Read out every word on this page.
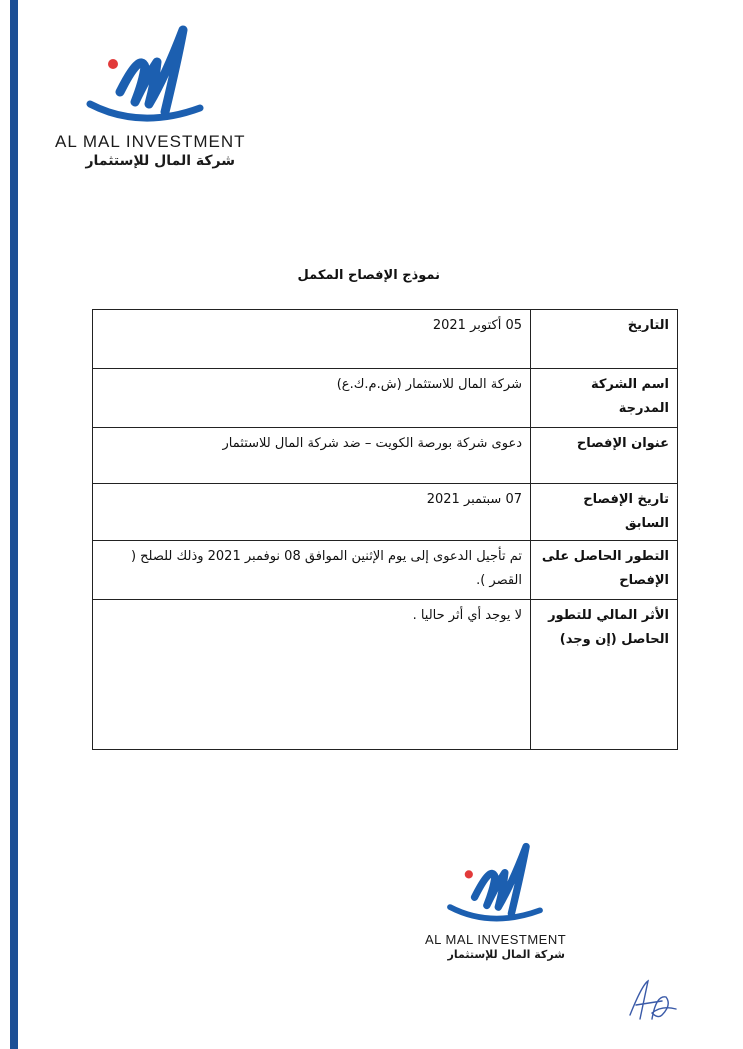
AL MAL INVESTMENT
شركة المال للإستثمار
نموذج الإفصاح المكمل
التاريخ	05 أكتوبر 2021
اسم الشركة المدرجة	شركة المال للاستثمار (ش.م.ك.ع)
عنوان الإفصاح	دعوى شركة بورصة الكويت – ضد شركة المال للاستثمار
تاريخ الإفصاح السابق	07 سبتمبر 2021
التطور الحاصل على الإفصاح	تم تأجيل الدعوى إلى يوم الإثنين الموافق 08 نوفمبر 2021 وذلك للصلح ( القصر ).
الأثر المالي للتطور الحاصل (إن وجد)	لا يوجد أي أثر حاليا .
AL MAL INVESTMENT
شركة المال للإستثمار
